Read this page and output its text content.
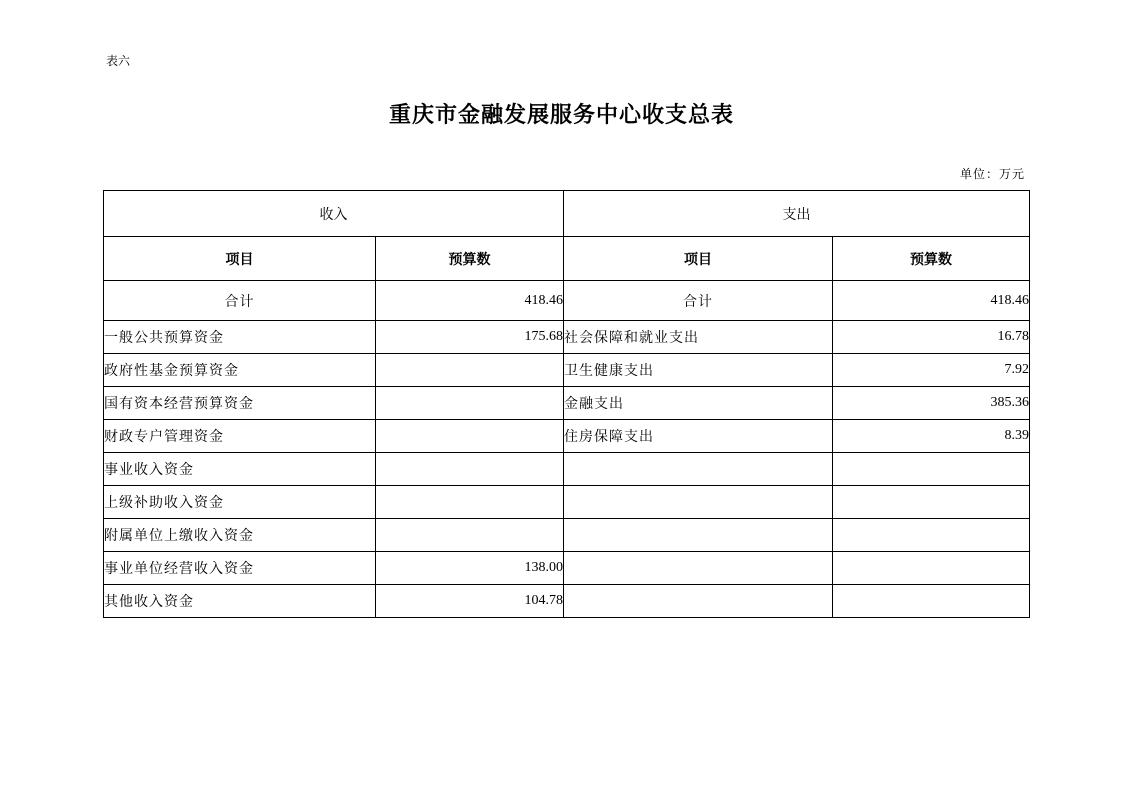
表六
重庆市金融发展服务中心收支总表
单位：万元
收入		支出	
项目	预算数	项目	预算数
合计	418.46	合计	418.46
一般公共预算资金	175.68	社会保障和就业支出	16.78
政府性基金预算资金		卫生健康支出	7.92
国有资本经营预算资金		金融支出	385.36
财政专户管理资金		住房保障支出	8.39
事业收入资金			
上级补助收入资金			
附属单位上缴收入资金			
事业单位经营收入资金	138.00		
其他收入资金	104.78		
